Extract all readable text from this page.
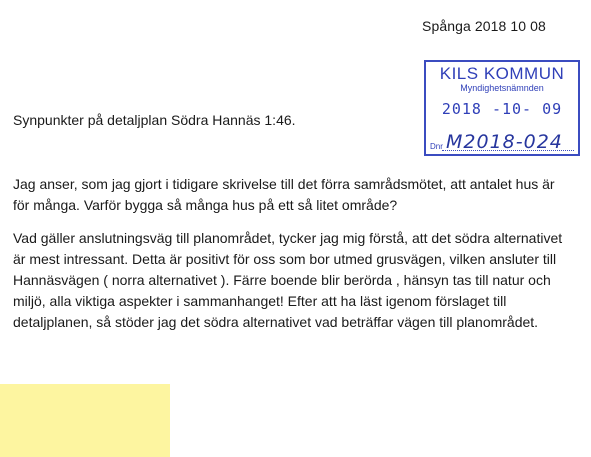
Spånga 2018 10 08
KILS KOMMUN
Myndighetsnämnden
2018 -10- 09
M2018-024
Dnr
Synpunkter på detaljplan Södra Hannäs 1:46.

Jag anser, som jag gjort i tidigare skrivelse till det förra samrådsmötet, att antalet hus är för många. Varför bygga så många hus på ett så litet område?

Vad gäller anslutningsväg till planområdet, tycker jag mig förstå, att det södra alternativet är mest intressant. Detta är positivt för oss som bor utmed grusvägen, vilken ansluter till Hannäsvägen ( norra alternativet ). Färre boende blir berörda , hänsyn tas till natur och miljö, alla viktiga aspekter i sammanhanget! Efter att ha läst igenom förslaget till detaljplanen, så stöder jag det södra alternativet vad beträffar vägen till planområdet.
